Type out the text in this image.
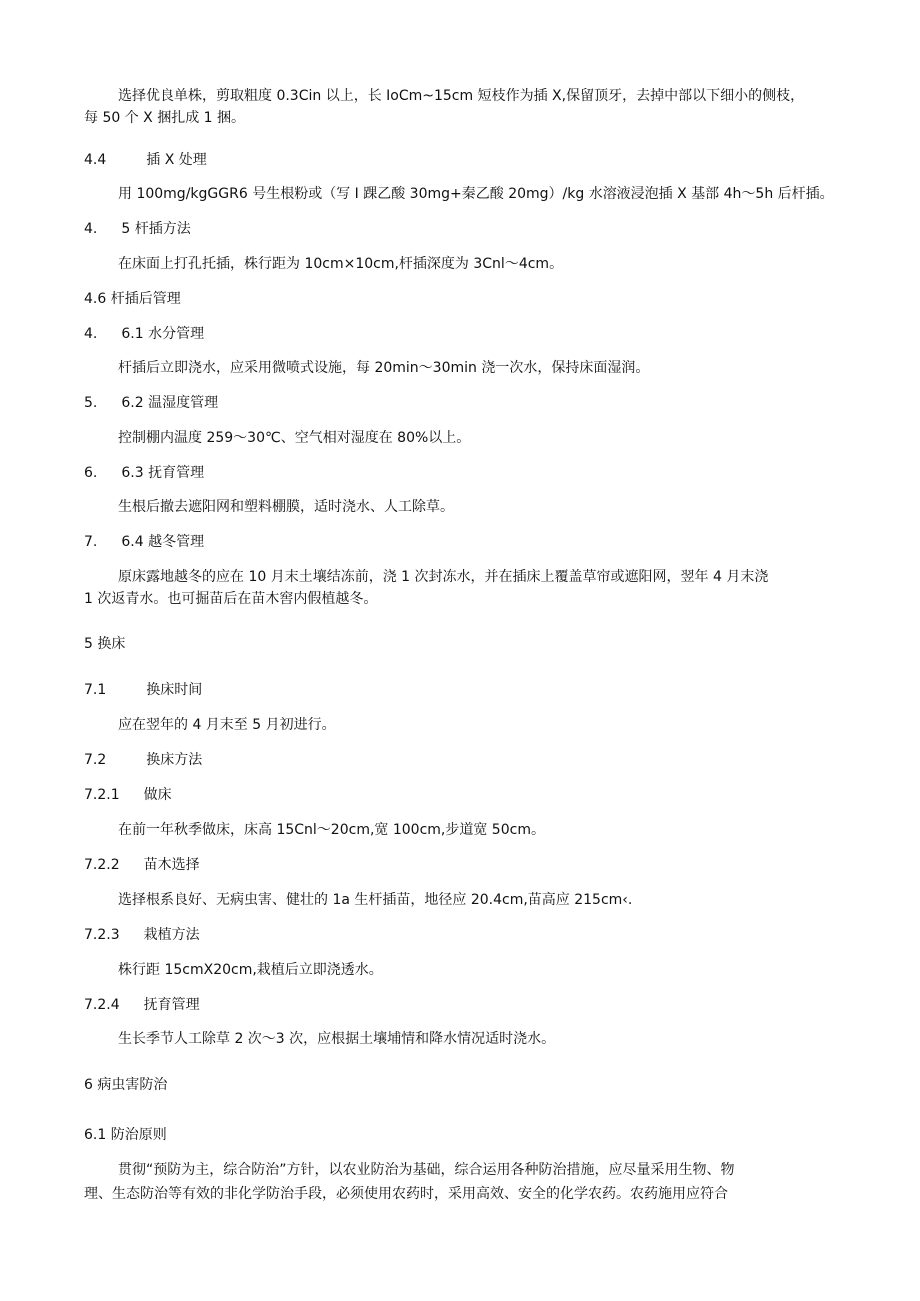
选择优良单株，剪取粗度 0.3Cin 以上，长 IoCm~15cm 短枝作为插 X,保留顶牙，去掉中部以下细小的侧枝，
每 50 个 X 捆扎成 1 捆。
4.4	插 X 处理
用 100mg/kgGGR6 号生根粉或（写 I 踝乙酸 30mg+秦乙酸 20mg）/kg 水溶液浸泡插 X 基部 4h～5h 后杆插。
4. 5 杆插方法
在床面上打孔托插，株行距为 10cm×10cm,杆插深度为 3Cnl～4cm。
4.6 杆插后管理
4. 6.1 水分管理
杆插后立即浇水，应采用微喷式设施，每 20min～30min 浇一次水，保持床面湿润。
5. 6.2 温湿度管理
控制棚内温度 259～30℃、空气相对湿度在 80%以上。
6. 6.3 抚育管理
生根后撤去遮阳网和塑料棚膜，适时浇水、人工除草。
7. 6.4 越冬管理
原床露地越冬的应在 10 月末土壤结冻前，浇 1 次封冻水，并在插床上覆盖草帘或遮阳网，翌年 4 月末浇
1 次返青水。也可掘苗后在苗木窖内假植越冬。
5 换床
7.1	换床时间
应在翌年的 4 月末至 5 月初进行。
7.2	换床方法
7.2.1 做床
在前一年秋季做床，床高 15Cnl～20cm,宽 100cm,步道宽 50cm。
7.2.2 苗木选择
选择根系良好、无病虫害、健壮的 1a 生杆插苗，地径应 20.4cm,苗高应 215cm‹.
7.2.3 栽植方法
株行距 15cmX20cm,栽植后立即浇透水。
7.2.4 抚育管理
生长季节人工除草 2 次～3 次，应根据土壤埔情和降水情况适时浇水。
6 病虫害防治
6.1 防治原则
贯彻“预防为主，综合防治”方针，以农业防治为基础，综合运用各种防治措施，应尽量采用生物、物
理、生态防治等有效的非化学防治手段，必须使用农药时，采用高效、安全的化学农药。农药施用应符合
